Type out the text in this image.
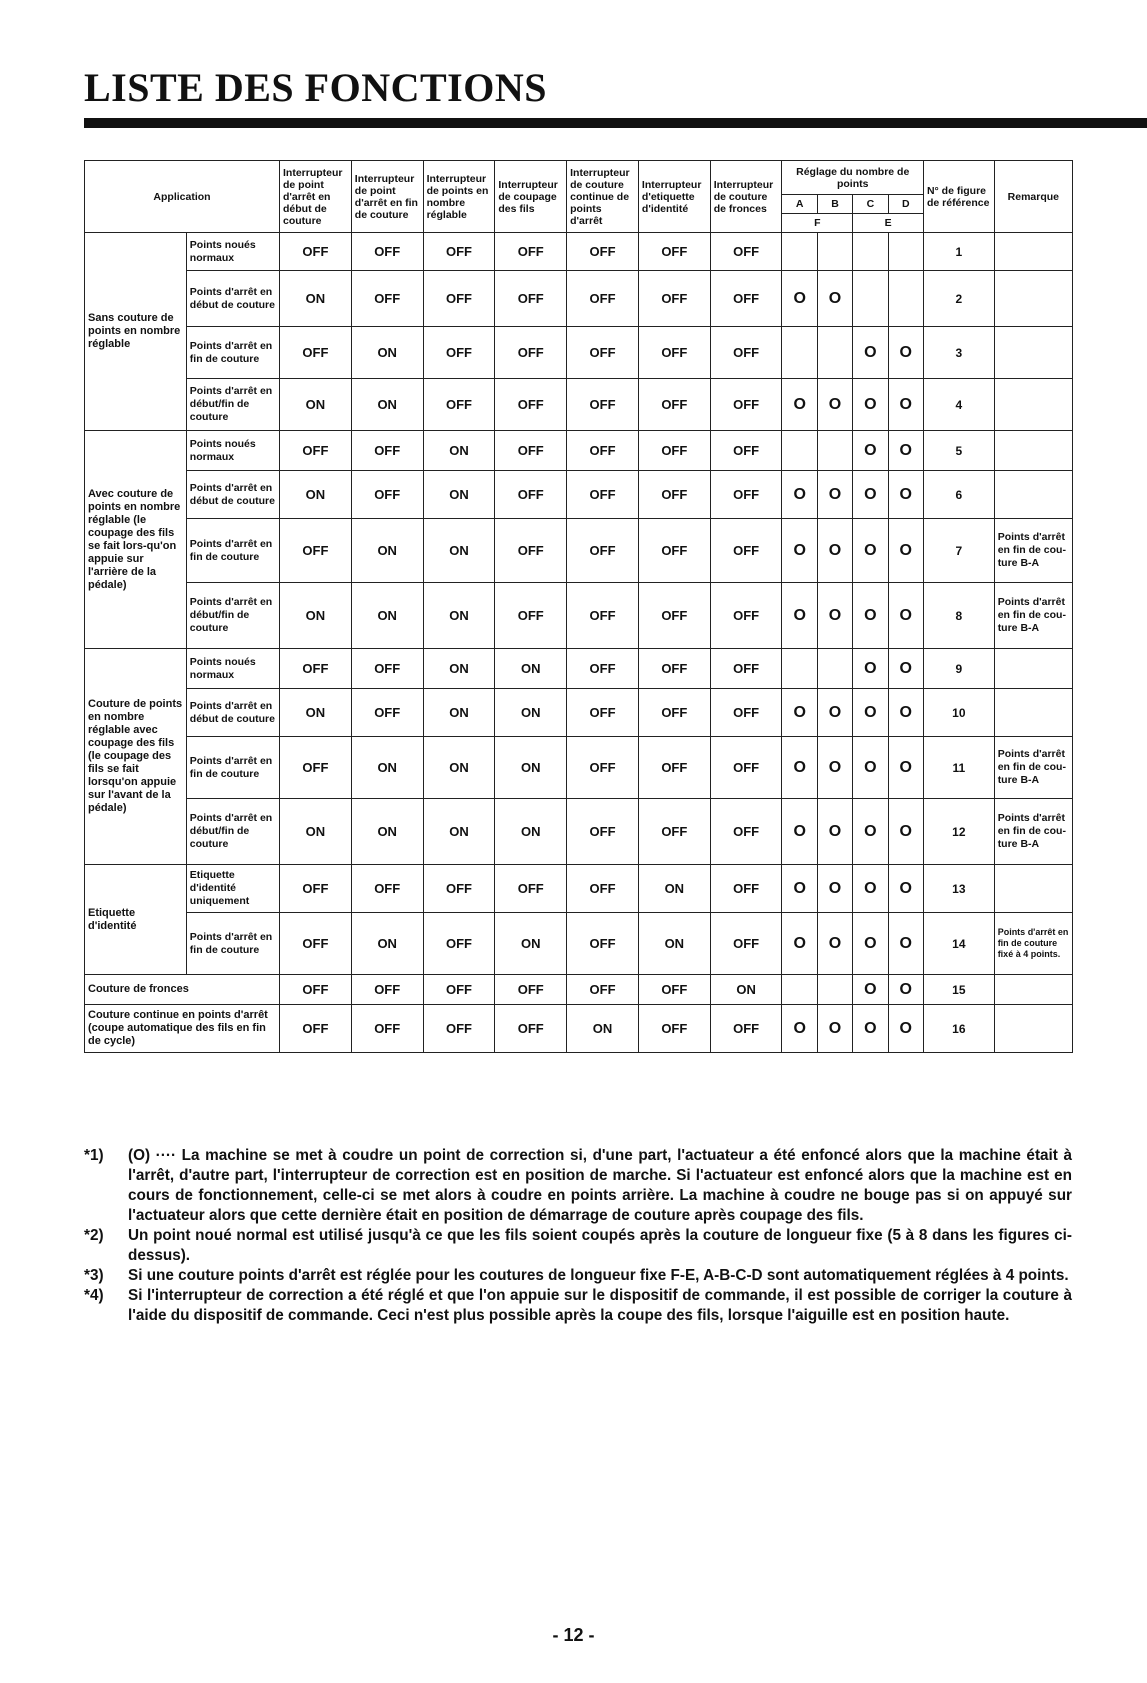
LISTE DES FONCTIONS
Application		Interrupteur de point d'arrêt en début de couture	Interrupteur de point d'arrêt en fin de couture	Interrupteur de points en nombre réglable	Interrupteur de coupage des fils	Interrupteur de couture continue de points d'arrêt	Interrupteur d'etiquette d'identité	Interrupteur de couture de fronces	Réglage du nombre de points				N° de figure de référence	Remarque
									A	B	C	D		
									F		E			
Sans couture de points en nombre réglable	Points noués normaux	OFF	OFF	OFF	OFF	OFF	OFF	OFF					1	
	Points d'arrêt en début de couture	ON	OFF	OFF	OFF	OFF	OFF	OFF	O	O			2	
	Points d'arrêt en fin de couture	OFF	ON	OFF	OFF	OFF	OFF	OFF			O	O	3	
	Points d'arrêt en début/fin de couture	ON	ON	OFF	OFF	OFF	OFF	OFF	O	O	O	O	4	
Avec couture de points en nombre réglable (le coupage des fils se fait lors-qu'on appuie sur l'arrière de la pédale)	Points noués normaux	OFF	OFF	ON	OFF	OFF	OFF	OFF			O	O	5	
	Points d'arrêt en début de couture	ON	OFF	ON	OFF	OFF	OFF	OFF	O	O	O	O	6	
	Points d'arrêt en fin de couture	OFF	ON	ON	OFF	OFF	OFF	OFF	O	O	O	O	7	Points d'arrêt en fin de cou-ture B-A
	Points d'arrêt en début/fin de couture	ON	ON	ON	OFF	OFF	OFF	OFF	O	O	O	O	8	Points d'arrêt en fin de cou-ture B-A
Couture de points en nombre réglable avec coupage des fils (le coupage des fils se fait lorsqu'on appuie sur l'avant de la pédale)	Points noués normaux	OFF	OFF	ON	ON	OFF	OFF	OFF			O	O	9	
	Points d'arrêt en début de couture	ON	OFF	ON	ON	OFF	OFF	OFF	O	O	O	O	10	
	Points d'arrêt en fin de couture	OFF	ON	ON	ON	OFF	OFF	OFF	O	O	O	O	11	Points d'arrêt en fin de cou-ture B-A
	Points d'arrêt en début/fin de couture	ON	ON	ON	ON	OFF	OFF	OFF	O	O	O	O	12	Points d'arrêt en fin de cou-ture B-A
Etiquette d'identité	Etiquette d'identité uniquement	OFF	OFF	OFF	OFF	OFF	ON	OFF	O	O	O	O	13	
	Points d'arrêt en fin de couture	OFF	ON	OFF	ON	OFF	ON	OFF	O	O	O	O	14	Points d'arrêt en fin de couture fixé à 4 points.
Couture de fronces		OFF	OFF	OFF	OFF	OFF	OFF	ON			O	O	15	
Couture continue en points d'arrêt (coupe automatique des fils en fin de cycle)		OFF	OFF	OFF	OFF	ON	OFF	OFF	O	O	O	O	16	
*1)	(O) ···· La machine se met à coudre un point de correction si, d'une part, l'actuateur a été enfoncé alors que la machine était à l'arrêt, d'autre part, l'interrupteur de correction est en position de marche. Si l'actuateur est enfoncé alors que la machine est en cours de fonctionnement, celle-ci se met alors à coudre en points arrière. La machine à coudre ne bouge pas si on appuyé sur l'actuateur alors que cette dernière était en position de démarrage de couture après coupage des fils.
*2)	Un point noué normal est utilisé jusqu'à ce que les fils soient coupés après la couture de longueur fixe (5 à 8 dans les figures ci-dessus).
*3)	Si une couture points d'arrêt est réglée pour les coutures de longueur fixe F-E, A-B-C-D sont automatiquement réglées à 4 points.
*4)	Si l'interrupteur de correction a été réglé et que l'on appuie sur le dispositif de commande, il est possible de corriger la couture à l'aide du dispositif de commande. Ceci n'est plus possible après la coupe des fils, lorsque l'aiguille est en position haute.
- 12 -
